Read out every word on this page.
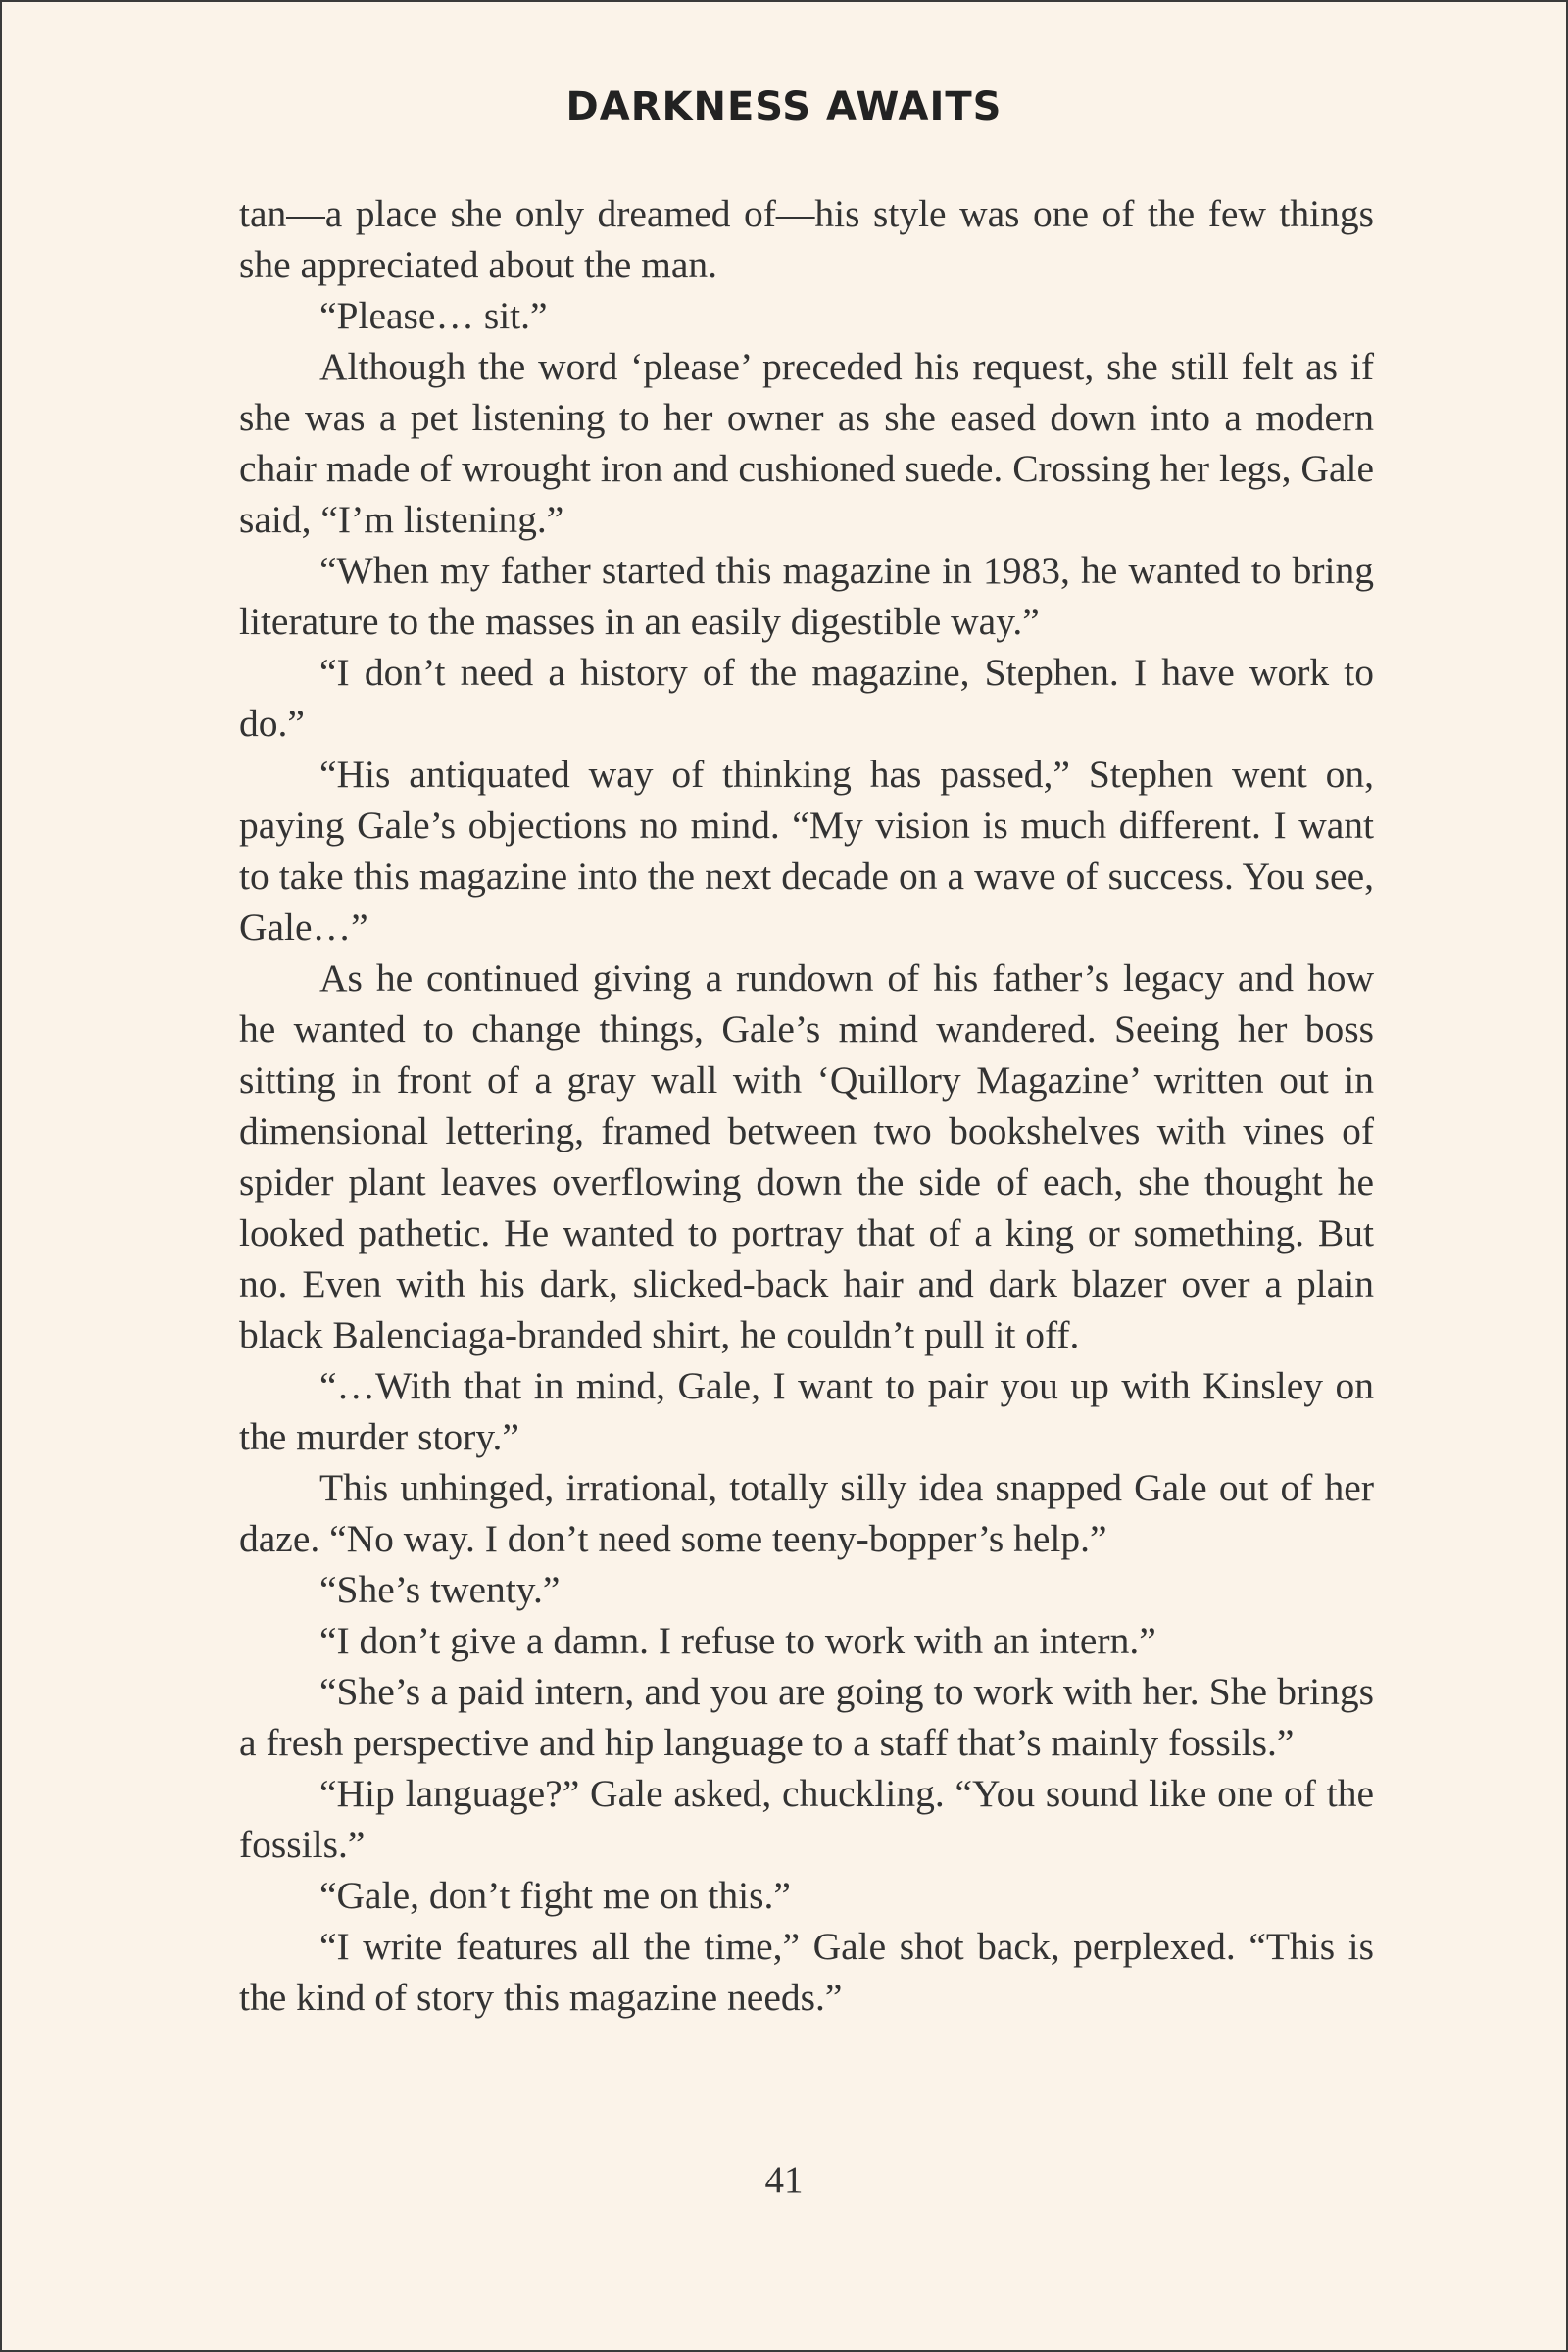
DARKNESS AWAITS

tan—a place she only dreamed of—his style was one of the few things she appreciated about the man.

“Please… sit.”

Although the word ‘please’ preceded his request, she still felt as if she was a pet listening to her owner as she eased down into a modern chair made of wrought iron and cushioned suede. Crossing her legs, Gale said, “I’m listening.”

“When my father started this magazine in 1983, he wanted to bring literature to the masses in an easily digestible way.”

“I don’t need a history of the magazine, Stephen. I have work to do.”

“His antiquated way of thinking has passed,” Stephen went on, paying Gale’s objections no mind. “My vision is much different. I want to take this magazine into the next decade on a wave of success. You see, Gale…”

As he continued giving a rundown of his father’s legacy and how he wanted to change things, Gale’s mind wandered. Seeing her boss sitting in front of a gray wall with ‘Quillory Magazine’ written out in dimensional lettering, framed between two bookshelves with vines of spider plant leaves overflowing down the side of each, she thought he looked pathetic. He wanted to portray that of a king or something. But no. Even with his dark, slicked-back hair and dark blazer over a plain black Balenciaga-branded shirt, he couldn’t pull it off.

“…With that in mind, Gale, I want to pair you up with Kinsley on the murder story.”

This unhinged, irrational, totally silly idea snapped Gale out of her daze. “No way. I don’t need some teeny-bopper’s help.”

“She’s twenty.”

“I don’t give a damn. I refuse to work with an intern.”

“She’s a paid intern, and you are going to work with her. She brings a fresh perspective and hip language to a staff that’s mainly fossils.”

“Hip language?” Gale asked, chuckling. “You sound like one of the fossils.”

“Gale, don’t fight me on this.”

“I write features all the time,” Gale shot back, perplexed. “This is the kind of story this magazine needs.”

41
